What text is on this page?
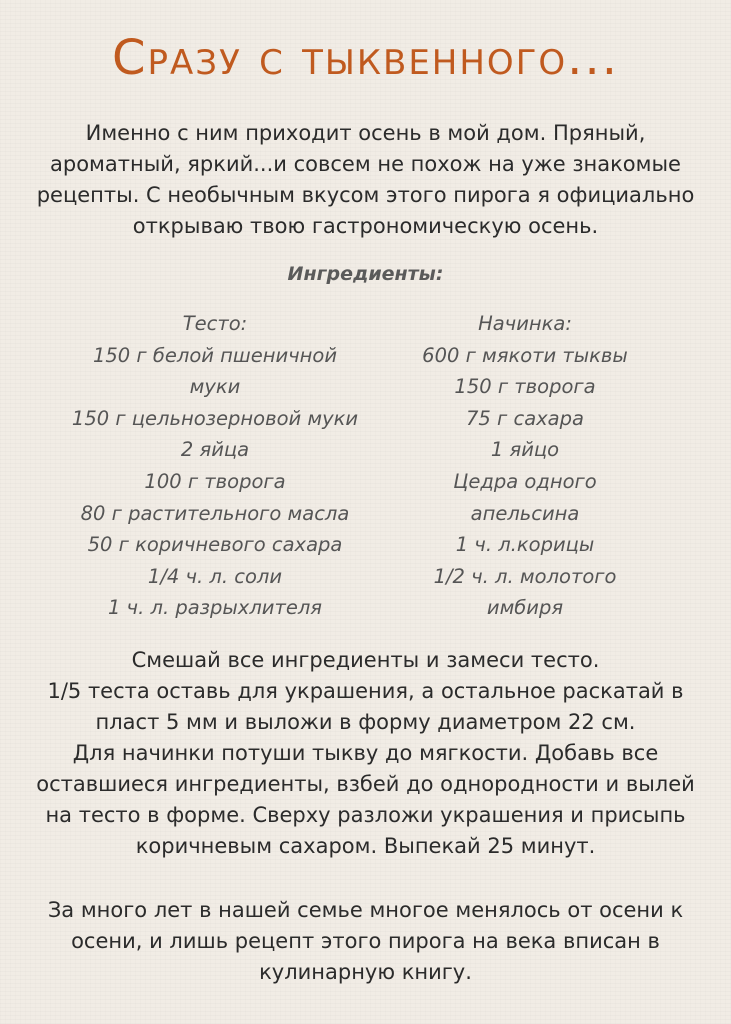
Сразу с тыквенного...
Именно с ним приходит осень в мой дом. Пряный,
ароматный, яркий...и совсем не похож на уже знакомые
рецепты. С необычным вкусом этого пирога я официально
открываю твою гастрономическую осень.
Ингредиенты:
Тесто:
150 г белой пшеничной
муки
150 г цельнозерновой муки
2 яйца
100 г творога
80 г растительного масла
50 г коричневого сахара
1/4 ч. л. соли
1 ч. л. разрыхлителя
Начинка:
600 г мякоти тыквы
150 г творога
75 г сахара
1 яйцо
Цедра одного
апельсина
1 ч. л.корицы
1/2 ч. л. молотого
имбиря
Смешай все ингредиенты и замеси тесто.
1/5 теста оставь для украшения, а остальное раскатай в
пласт 5 мм и выложи в форму диаметром 22 см.
Для начинки потуши тыкву до мягкости. Добавь все
оставшиеся ингредиенты, взбей до однородности и вылей
на тесто в форме. Сверху разложи украшения и присыпь
коричневым сахаром. Выпекай 25 минут.
За много лет в нашей семье многое менялось от осени к
осени, и лишь рецепт этого пирога на века вписан в
кулинарную книгу.
